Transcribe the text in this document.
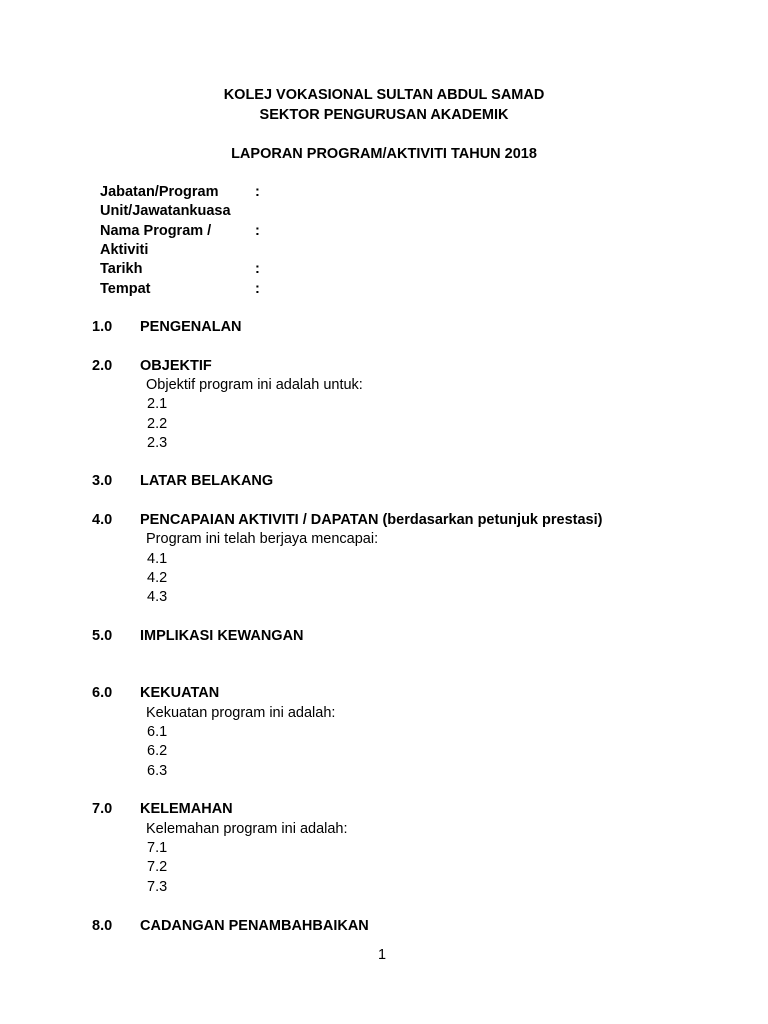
KOLEJ VOKASIONAL SULTAN ABDUL SAMAD
SEKTOR PENGURUSAN AKADEMIK
LAPORAN PROGRAM/AKTIVITI TAHUN 2018
Jabatan/Program	:
Unit/Jawatankuasa
Nama Program /	:
Aktiviti
Tarikh	:
Tempat	:
1.0 PENGENALAN
2.0 OBJEKTIF
Objektif program ini adalah untuk:
2.1
2.2
2.3
3.0 LATAR BELAKANG
4.0 PENCAPAIAN AKTIVITI / DAPATAN (berdasarkan petunjuk prestasi)
Program ini telah berjaya mencapai:
4.1
4.2
4.3
5.0 IMPLIKASI KEWANGAN
6.0 KEKUATAN
Kekuatan program ini adalah:
6.1
6.2
6.3
7.0 KELEMAHAN
Kelemahan program ini adalah:
7.1
7.2
7.3
8.0 CADANGAN PENAMBAHBAIKAN
1
